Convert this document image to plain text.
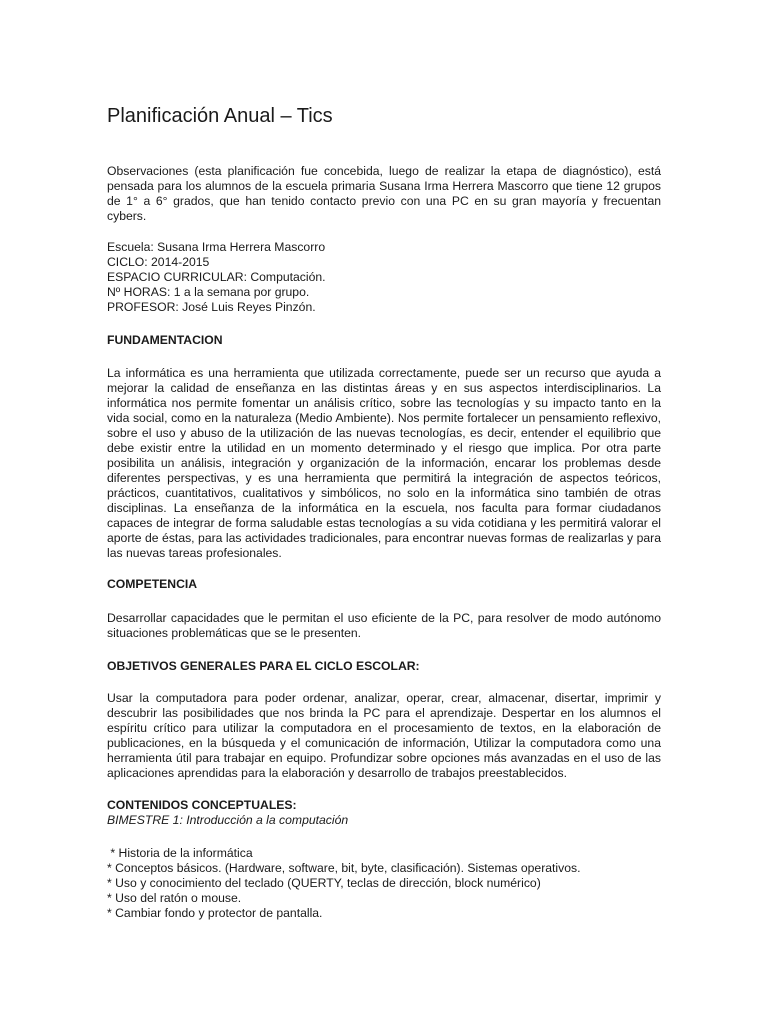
Planificación Anual – Tics

Observaciones (esta planificación fue concebida, luego de realizar la etapa de diagnóstico), está pensada para los alumnos de la escuela primaria Susana Irma Herrera Mascorro que tiene 12 grupos de 1° a 6° grados, que han tenido contacto previo con una PC en su gran mayoría y frecuentan cybers.

Escuela: Susana Irma Herrera Mascorro
CICLO: 2014-2015
ESPACIO CURRICULAR: Computación.
Nº HORAS: 1 a la semana por grupo.
PROFESOR: José Luis Reyes Pinzón.
FUNDAMENTACION

La informática es una herramienta que utilizada correctamente, puede ser un recurso que ayuda a mejorar la calidad de enseñanza en las distintas áreas y en sus aspectos interdisciplinarios. La informática nos permite fomentar un análisis crítico, sobre las tecnologías y su impacto tanto en la vida social, como en la naturaleza (Medio Ambiente). Nos permite fortalecer un pensamiento reflexivo, sobre el uso y abuso de la utilización de las nuevas tecnologías, es decir, entender el equilibrio que debe existir entre la utilidad en un momento determinado y el riesgo que implica. Por otra parte posibilita un análisis, integración y organización de la información, encarar los problemas desde diferentes perspectivas, y es una herramienta que permitirá la integración de aspectos teóricos, prácticos, cuantitativos, cualitativos y simbólicos, no solo en la informática sino también de otras disciplinas. La enseñanza de la informática en la escuela, nos faculta para formar ciudadanos capaces de integrar de forma saludable estas tecnologías a su vida cotidiana y les permitirá valorar el aporte de éstas, para las actividades tradicionales, para encontrar nuevas formas de realizarlas y para las nuevas tareas profesionales.

COMPETENCIA

Desarrollar capacidades que le permitan el uso eficiente de la PC, para resolver de modo autónomo situaciones problemáticas que se le presenten.

OBJETIVOS GENERALES PARA EL CICLO ESCOLAR:

Usar la computadora para poder ordenar, analizar, operar, crear, almacenar, disertar, imprimir y descubrir las posibilidades que nos brinda la PC para el aprendizaje. Despertar en los alumnos el espíritu crítico para utilizar la computadora en el procesamiento de textos, en la elaboración de publicaciones, en la búsqueda y el comunicación de información, Utilizar la computadora como una herramienta útil para trabajar en equipo. Profundizar sobre opciones más avanzadas en el uso de las aplicaciones aprendidas para la elaboración y desarrollo de trabajos preestablecidos.

CONTENIDOS CONCEPTUALES:
BIMESTRE 1: Introducción a la computación
* Historia de la informática
* Conceptos básicos. (Hardware, software, bit, byte, clasificación). Sistemas operativos.
* Uso y conocimiento del teclado (QUERTY, teclas de dirección, block numérico)
* Uso del ratón o mouse.
* Cambiar fondo y protector de pantalla.
